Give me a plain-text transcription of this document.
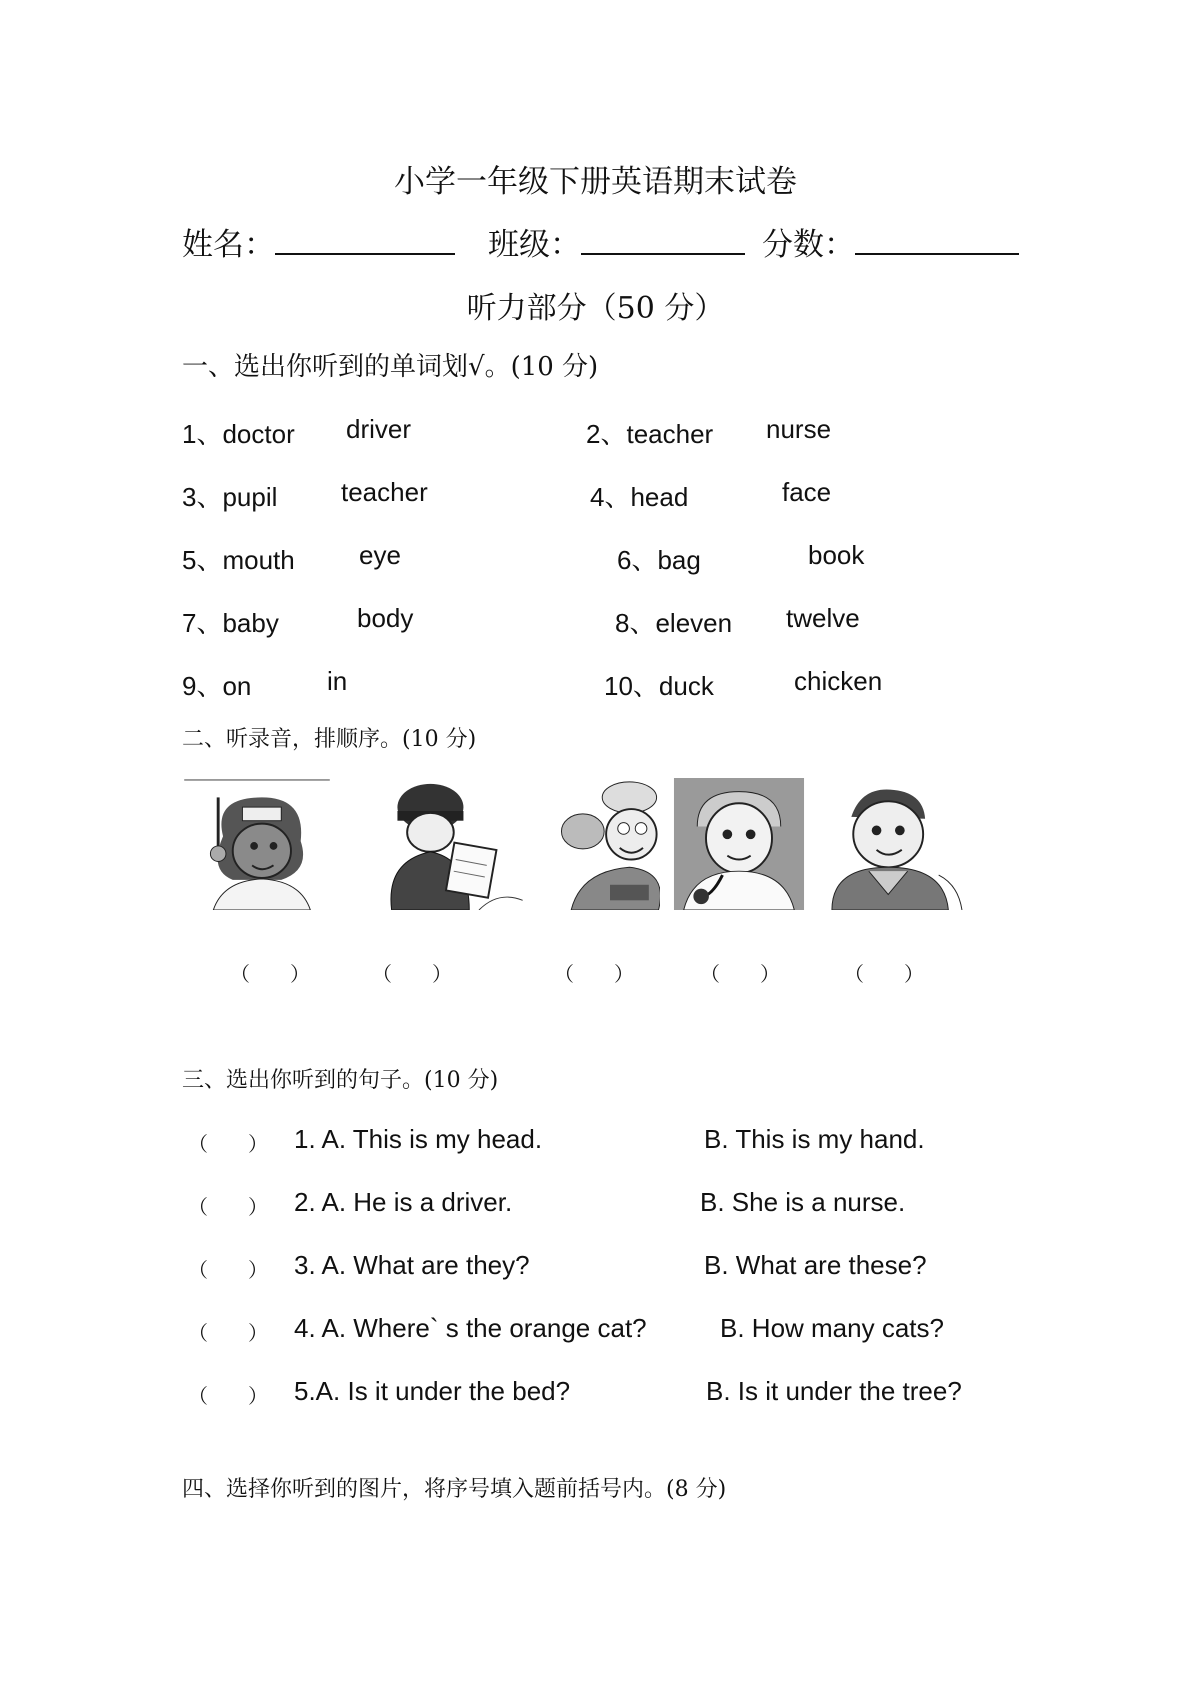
小学一年级下册英语期末试卷
姓名：	班级：	分数：
听力部分（50 分）
一、选出你听到的单词划√。(10 分)
1、doctor driver	2、teacher nurse
3、pupil teacher	4、head	face
5、mouth eye	6、bag	book
7、baby	body	8、eleven twelve
9、on	in	10、duck	chicken
二、听录音，排顺序。(10 分)
（　　）	（　　）	（　　）	（　　）	（　　）
三、选出你听到的句子。(10 分)
（　　） 1. A. This is my head.	B. This is my hand.
（　　） 2. A. He is a driver.	B. She is a nurse.
（　　） 3. A. What are they?	B. What are these?
（　　） 4. A. Where` s the orange cat?	B. How many cats?
（　　） 5.A. Is it under the bed?	B. Is it under the tree?
四、选择你听到的图片，将序号填入题前括号内。(8 分)
